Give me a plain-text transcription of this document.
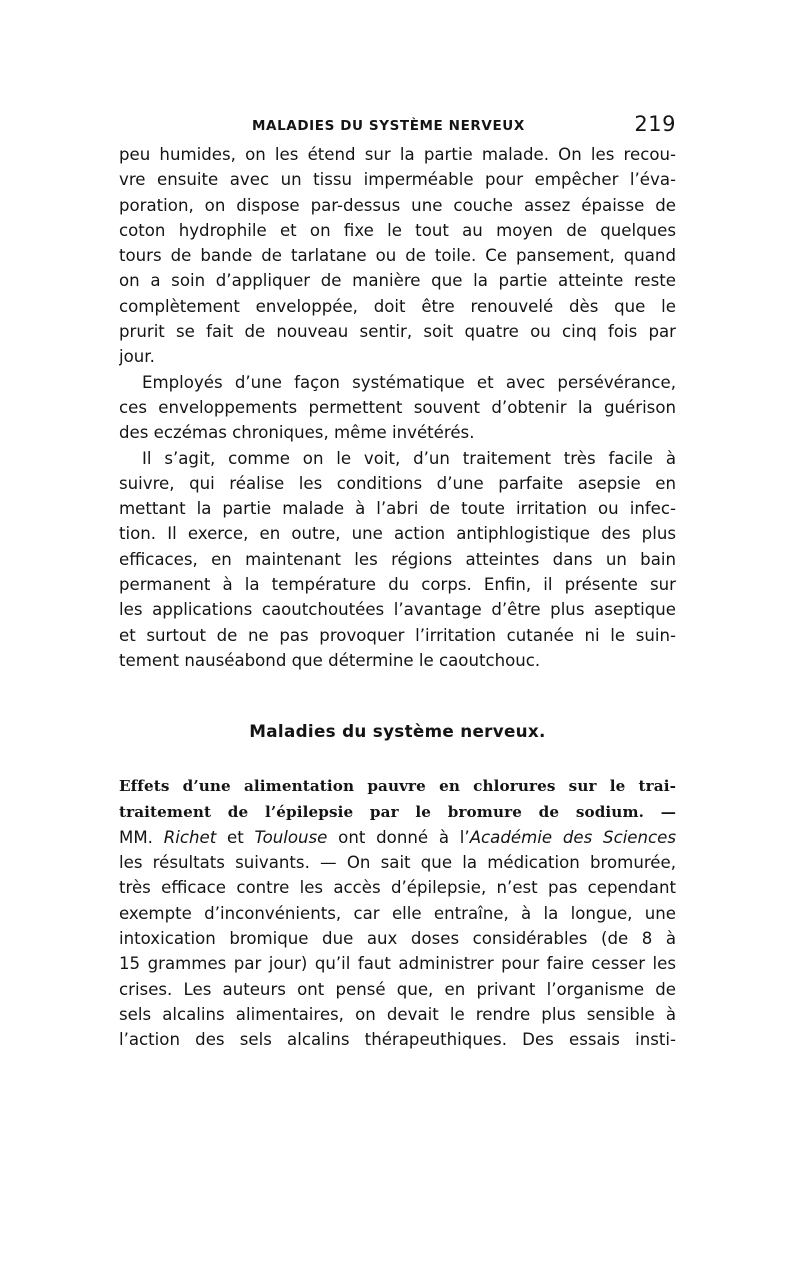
MALADIES DU SYSTÈME NERVEUX	219
peu humides, on les étend sur la partie malade. On les recou-
vre ensuite avec un tissu imperméable pour empêcher l’éva-
poration, on dispose par-dessus une couche assez épaisse de
coton hydrophile et on fixe le tout au moyen de quelques
tours de bande de tarlatane ou de toile. Ce pansement, quand
on a soin d’appliquer de manière que la partie atteinte reste
complètement enveloppée, doit être renouvelé dès que le
prurit se fait de nouveau sentir, soit quatre ou cinq fois par
jour.
Employés d’une façon systématique et avec persévérance,
ces enveloppements permettent souvent d’obtenir la guérison
des eczémas chroniques, même invétérés.
Il s’agit, comme on le voit, d’un traitement très facile à
suivre, qui réalise les conditions d’une parfaite asepsie en
mettant la partie malade à l’abri de toute irritation ou infec-
tion. Il exerce, en outre, une action antiphlogistique des plus
efficaces, en maintenant les régions atteintes dans un bain
permanent à la température du corps. Enfin, il présente sur
les applications caoutchoutées l’avantage d’être plus aseptique
et surtout de ne pas provoquer l’irritation cutanée ni le suin-
tement nauséabond que détermine le caoutchouc.
Maladies du système nerveux.
Effets d’une alimentation pauvre en chlorures sur le trai-
traitement de l’épilepsie par le bromure de sodium. —
MM. Richet et Toulouse ont donné à l’Académie des Sciences
les résultats suivants. — On sait que la médication bromurée,
très efficace contre les accès d’épilepsie, n’est pas cependant
exempte d’inconvénients, car elle entraîne, à la longue, une
intoxication bromique due aux doses considérables (de 8 à
15 grammes par jour) qu’il faut administrer pour faire cesser les
crises. Les auteurs ont pensé que, en privant l’organisme de
sels alcalins alimentaires, on devait le rendre plus sensible à
l’action des sels alcalins thérapeuthiques. Des essais insti-
